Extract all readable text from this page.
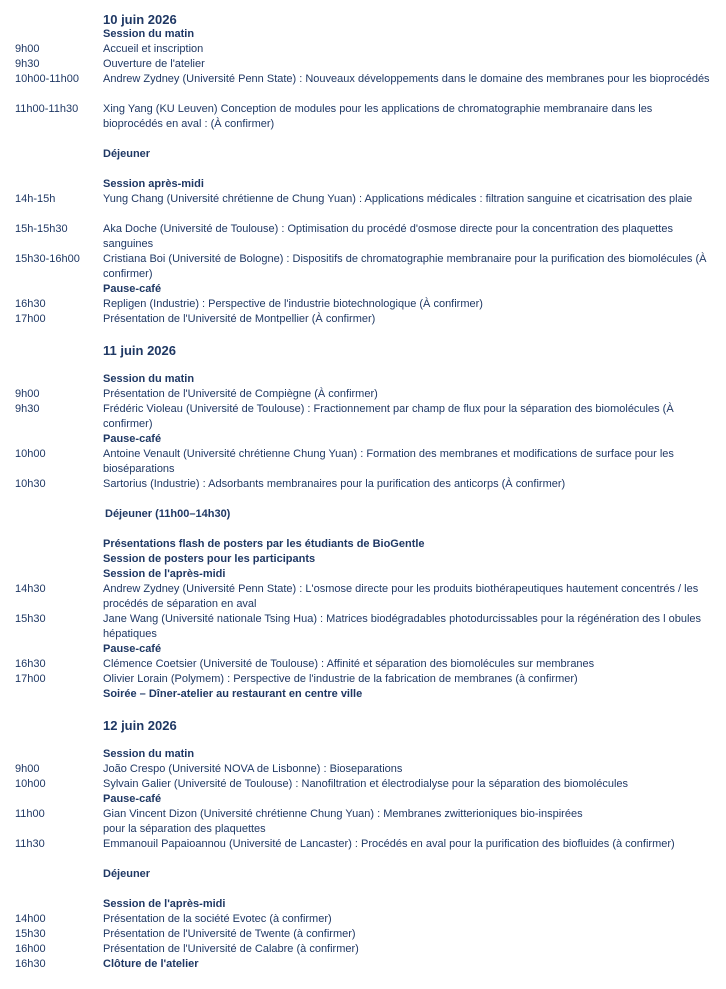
10 juin 2026
Session du matin
9h00	Accueil et inscription
9h30	Ouverture de l'atelier
10h00-11h00 Andrew Zydney (Université Penn State) : Nouveaux développements dans le domaine des membranes pour les bioprocédés
11h00-11h30 Xing Yang (KU Leuven) Conception de modules pour les applications de chromatographie membranaire dans les bioprocédés en aval : (À confirmer)
Déjeuner
Session après-midi
14h-15h	Yung Chang (Université chrétienne de Chung Yuan) : Applications médicales : filtration sanguine et cicatrisation des plaie
15h-15h30	Aka Doche (Université de Toulouse) : Optimisation du procédé d'osmose directe pour la concentration des plaquettes sanguines
15h30-16h00 Cristiana Boi (Université de Bologne) : Dispositifs de chromatographie membranaire pour la purification des biomolécules (À confirmer)
Pause-café
16h30	Repligen (Industrie) : Perspective de l'industrie biotechnologique (À confirmer)
17h00	Présentation de l'Université de Montpellier (À confirmer)
11 juin 2026
Session du matin
9h00	Présentation de l'Université de Compiègne (À confirmer)
9h30	Frédéric Violeau (Université de Toulouse) : Fractionnement par champ de flux pour la séparation des biomolécules (À confirmer)
Pause-café
10h00	Antoine Venault (Université chrétienne Chung Yuan) : Formation des membranes et modifications de surface pour les bioséparations
10h30	Sartorius (Industrie) : Adsorbants membranaires pour la purification des anticorps (À confirmer)
Déjeuner (11h00–14h30)
Présentations flash de posters par les étudiants de BioGentle
Session de posters pour les participants
Session de l'après-midi
14h30	Andrew Zydney (Université Penn State) : L'osmose directe pour les produits biothérapeutiques hautement concentrés / les procédés de séparation en aval
15h30	Jane Wang (Université nationale Tsing Hua) : Matrices biodégradables photodurcissables pour la régénération des l obules hépatiques
Pause-café
16h30	Clémence Coetsier (Université de Toulouse) : Affinité et séparation des biomolécules sur membranes
17h00	Olivier Lorain (Polymem) : Perspective de l'industrie de la fabrication de membranes (à confirmer)
Soirée – Dîner-atelier au restaurant en centre ville
12 juin 2026
Session du matin
9h00	João Crespo (Université NOVA de Lisbonne) : Bioseparations
10h00	Sylvain Galier (Université de Toulouse) : Nanofiltration et électrodialyse pour la séparation des biomolécules
Pause-café
11h00	Gian Vincent Dizon (Université chrétienne Chung Yuan) : Membranes zwitterioniques bio-inspirées
pour la séparation des plaquettes
11h30	Emmanouil Papaioannou (Université de Lancaster) : Procédés en aval pour la purification des biofluides (à confirmer)
Déjeuner
Session de l'après-midi
14h00	Présentation de la société Evotec (à confirmer)
15h30	Présentation de l'Université de Twente (à confirmer)
16h00	Présentation de l'Université de Calabre (à confirmer)
16h30	Clôture de l'atelier
